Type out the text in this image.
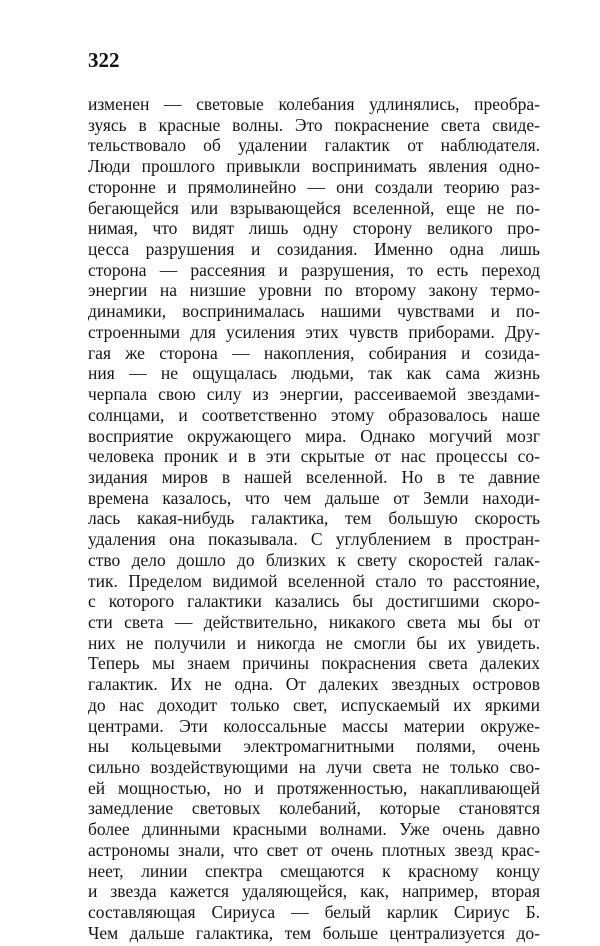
322
изменен — световые колебания удлинялись, преобра-
зуясь в красные волны. Это покраснение света свиде-
тельствовало об удалении галактик от наблюдателя.
Люди прошлого привыкли воспринимать явления одно-
сторонне и прямолинейно — они создали теорию раз-
бегающейся или взрывающейся вселенной, еще не по-
нимая, что видят лишь одну сторону великого про-
цесса разрушения и созидания. Именно одна лишь
сторона — рассеяния и разрушения, то есть переход
энергии на низшие уровни по второму закону термо-
динамики, воспринималась нашими чувствами и по-
строенными для усиления этих чувств приборами. Дру-
гая же сторона — накопления, собирания и созида-
ния — не ощущалась людьми, так как сама жизнь
черпала свою силу из энергии, рассеиваемой звездами-
солнцами, и соответственно этому образовалось наше
восприятие окружающего мира. Однако могучий мозг
человека проник и в эти скрытые от нас процессы со-
зидания миров в нашей вселенной. Но в те давние
времена казалось, что чем дальше от Земли находи-
лась какая-нибудь галактика, тем большую скорость
удаления она показывала. С углублением в простран-
ство дело дошло до близких к свету скоростей галак-
тик. Пределом видимой вселенной стало то расстояние,
с которого галактики казались бы достигшими скоро-
сти света — действительно, никакого света мы бы от
них не получили и никогда не смогли бы их увидеть.
Теперь мы знаем причины покраснения света далеких
галактик. Их не одна. От далеких звездных островов
до нас доходит только свет, испускаемый их яркими
центрами. Эти колоссальные массы материи окруже-
ны кольцевыми электромагнитными полями, очень
сильно воздействующими на лучи света не только сво-
ей мощностью, но и протяженностью, накапливающей
замедление световых колебаний, которые становятся
более длинными красными волнами. Уже очень давно
астрономы знали, что свет от очень плотных звезд крас-
неет, линии спектра смещаются к красному концу
и звезда кажется удаляющейся, как, например, вторая
составляющая Сириуса — белый карлик Сириус Б.
Чем дальше галактика, тем больше централизуется до-
